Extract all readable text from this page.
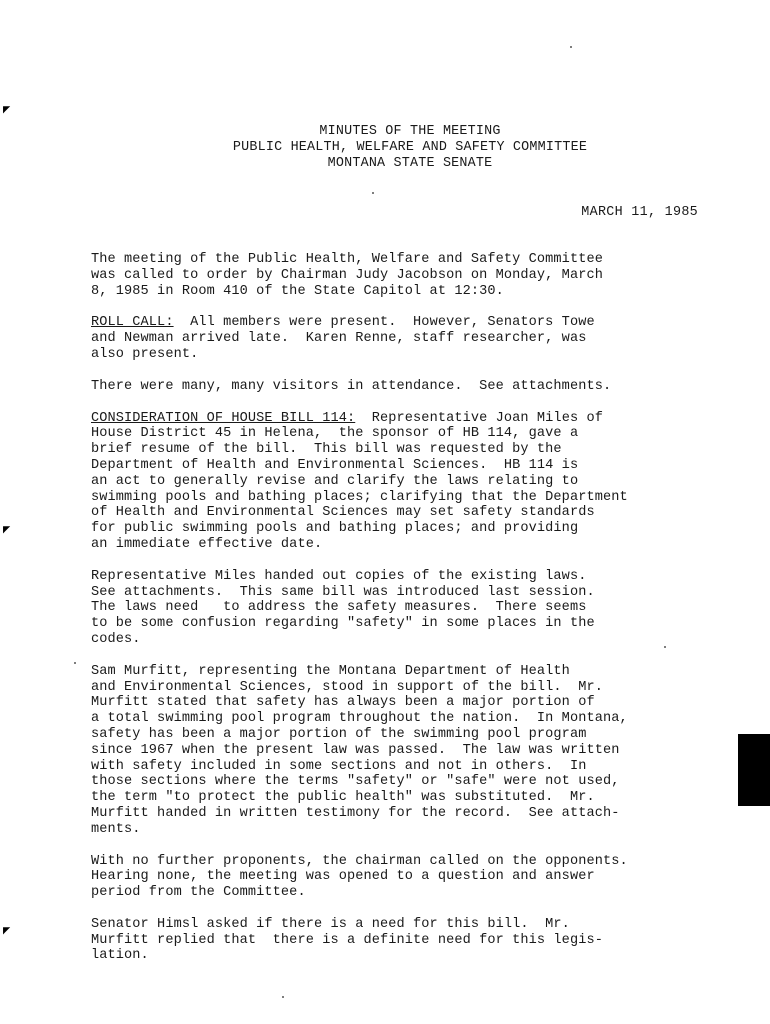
◤
◤
◤
MINUTES OF THE MEETING
PUBLIC HEALTH, WELFARE AND SAFETY COMMITTEE
MONTANA STATE SENATE
MARCH 11, 1985

The meeting of the Public Health, Welfare and Safety Committee
was called to order by Chairman Judy Jacobson on Monday, March
8, 1985 in Room 410 of the State Capitol at 12:30.

ROLL CALL:  All members were present.  However, Senators Towe
and Newman arrived late.  Karen Renne, staff researcher, was
also present.

There were many, many visitors in attendance.  See attachments.

CONSIDERATION OF HOUSE BILL 114:  Representative Joan Miles of
House District 45 in Helena,  the sponsor of HB 114, gave a
brief resume of the bill.  This bill was requested by the
Department of Health and Environmental Sciences.  HB 114 is
an act to generally revise and clarify the laws relating to
swimming pools and bathing places; clarifying that the Department
of Health and Environmental Sciences may set safety standards
for public swimming pools and bathing places; and providing
an immediate effective date.

Representative Miles handed out copies of the existing laws.
See attachments.  This same bill was introduced last session.
The laws need   to address the safety measures.  There seems
to be some confusion regarding "safety" in some places in the
codes.

Sam Murfitt, representing the Montana Department of Health
and Environmental Sciences, stood in support of the bill.  Mr.
Murfitt stated that safety has always been a major portion of
a total swimming pool program throughout the nation.  In Montana,
safety has been a major portion of the swimming pool program
since 1967 when the present law was passed.  The law was written
with safety included in some sections and not in others.  In
those sections where the terms "safety" or "safe" were not used,
the term "to protect the public health" was substituted.  Mr.
Murfitt handed in written testimony for the record.  See attach-
ments.

With no further proponents, the chairman called on the opponents.
Hearing none, the meeting was opened to a question and answer
period from the Committee.

Senator Himsl asked if there is a need for this bill.  Mr.
Murfitt replied that  there is a definite need for this legis-
lation.
